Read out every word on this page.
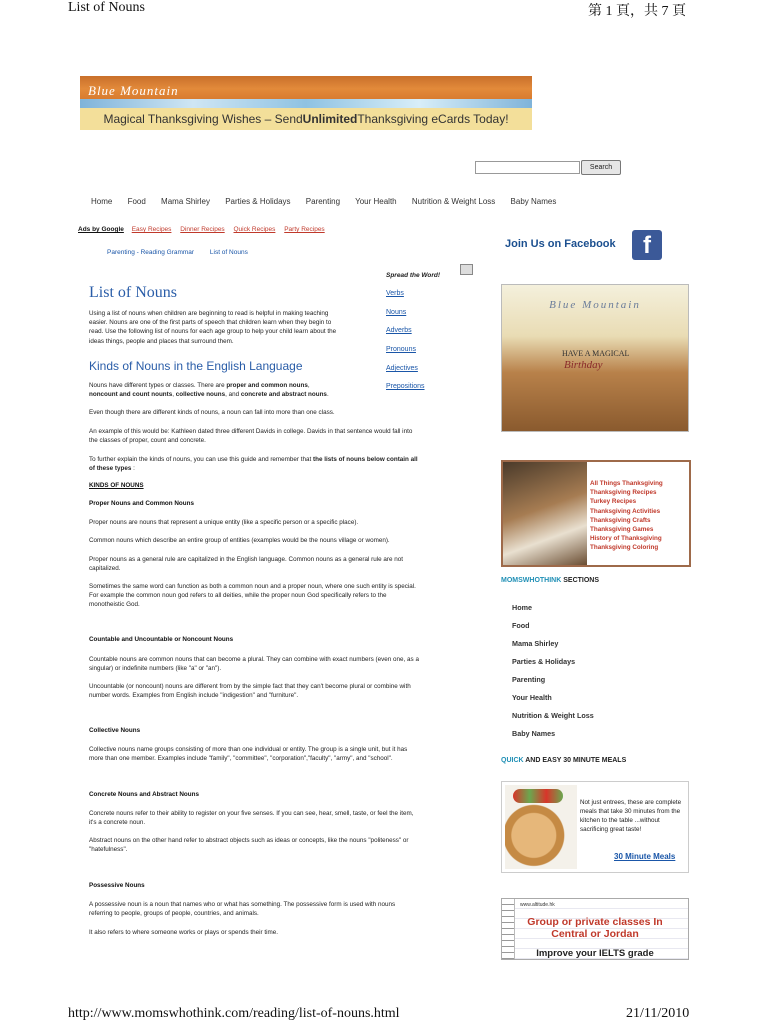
List of Nouns	第 1 頁，共 7 頁
Blue Mountain
Magical Thanksgiving Wishes – Send Unlimited Thanksgiving eCards Today!
Search
Home Food Mama Shirley Parties & Holidays Parenting Your Health Nutrition & Weight Loss Baby Names
Ads by Google Easy Recipes Dinner Recipes Quick Recipes Party Recipes
Parenting - Reading Grammar List of Nouns
Join Us on Facebook	f
Spread the Word!
Verbs
Nouns
Adverbs
Pronouns
Adjectives
Prepositions
List of Nouns
Using a list of nouns when children are beginning to read is helpful in making teaching
easier. Nouns are one of the first parts of speech that children learn when they begin to
read. Use the following list of nouns for each age group to help your child learn about the
ideas things, people and places that surround them.
Kinds of Nouns in the English Language
Nouns have different types or classes. There are proper and common nouns,
noncount and count nounts, collective nouns, and concrete and abstract nouns.
Even though there are different kinds of nouns, a noun can fall into more than one class.
An example of this would be: Kathleen dated three different Davids in college. Davids in that sentence would fall into
the classes of proper, count and concrete.
To further explain the kinds of nouns, you can use this guide and remember that the lists of nouns below contain all
of these types :
KINDS OF NOUNS
Proper Nouns and Common Nouns
Proper nouns are nouns that represent a unique entity (like a specific person or a specific place).
Common nouns which describe an entire group of entities (examples would be the nouns village or women).
Proper nouns as a general rule are capitalized in the English language. Common nouns as a general rule are not
capitalized.
Sometimes the same word can function as both a common noun and a proper noun, where one such entity is special.
For example the common noun god refers to all deities, while the proper noun God specifically refers to the
monotheistic God.
Countable and Uncountable or Noncount Nouns
Countable nouns are common nouns that can become a plural. They can combine with exact numbers (even one, as a
singular) or indefinite numbers (like "a" or "an").
Uncountable (or noncount) nouns are different from by the simple fact that they can't become plural or combine with
number words. Examples from English include "indigestion" and "furniture".
Collective Nouns
Collective nouns name groups consisting of more than one individual or entity. The group is a single unit, but it has
more than one member. Examples include "family", "committee", "corporation","faculty", "army", and "school".
Concrete Nouns and Abstract Nouns
Concrete nouns refer to their ability to register on your five senses. If you can see, hear, smell, taste, or feel the item,
it's a concrete noun.
Abstract nouns on the other hand refer to abstract objects such as ideas or concepts, like the nouns "politeness" or
"hatefulness".
Possessive Nouns
A possessive noun is a noun that names who or what has something. The possessive form is used with nouns
referring to people, groups of people, countries, and animals.
It also refers to where someone works or plays or spends their time.
Blue Mountain
HAVE A MAGICAL
Birthday
All Things Thanksgiving
Thanksgiving Recipes
Turkey Recipes
Thanksgiving Activities
Thanksgiving Crafts
Thanksgiving Games
History of Thanksgiving
Thanksgiving Coloring
MOMSWHOTHINK SECTIONS
Home
Food
Mama Shirley
Parties & Holidays
Parenting
Your Health
Nutrition & Weight Loss
Baby Names
QUICK AND EASY 30 MINUTE MEALS
Not just entrees, these are complete meals that take 30 minutes from the kitchen to the table ...without sacrificing great taste!
30 Minute Meals
www.altitude.hk
Group or private classes In
Central or Jordan
Improve your IELTS grade
http://www.momswhothink.com/reading/list-of-nouns.html	21/11/2010
